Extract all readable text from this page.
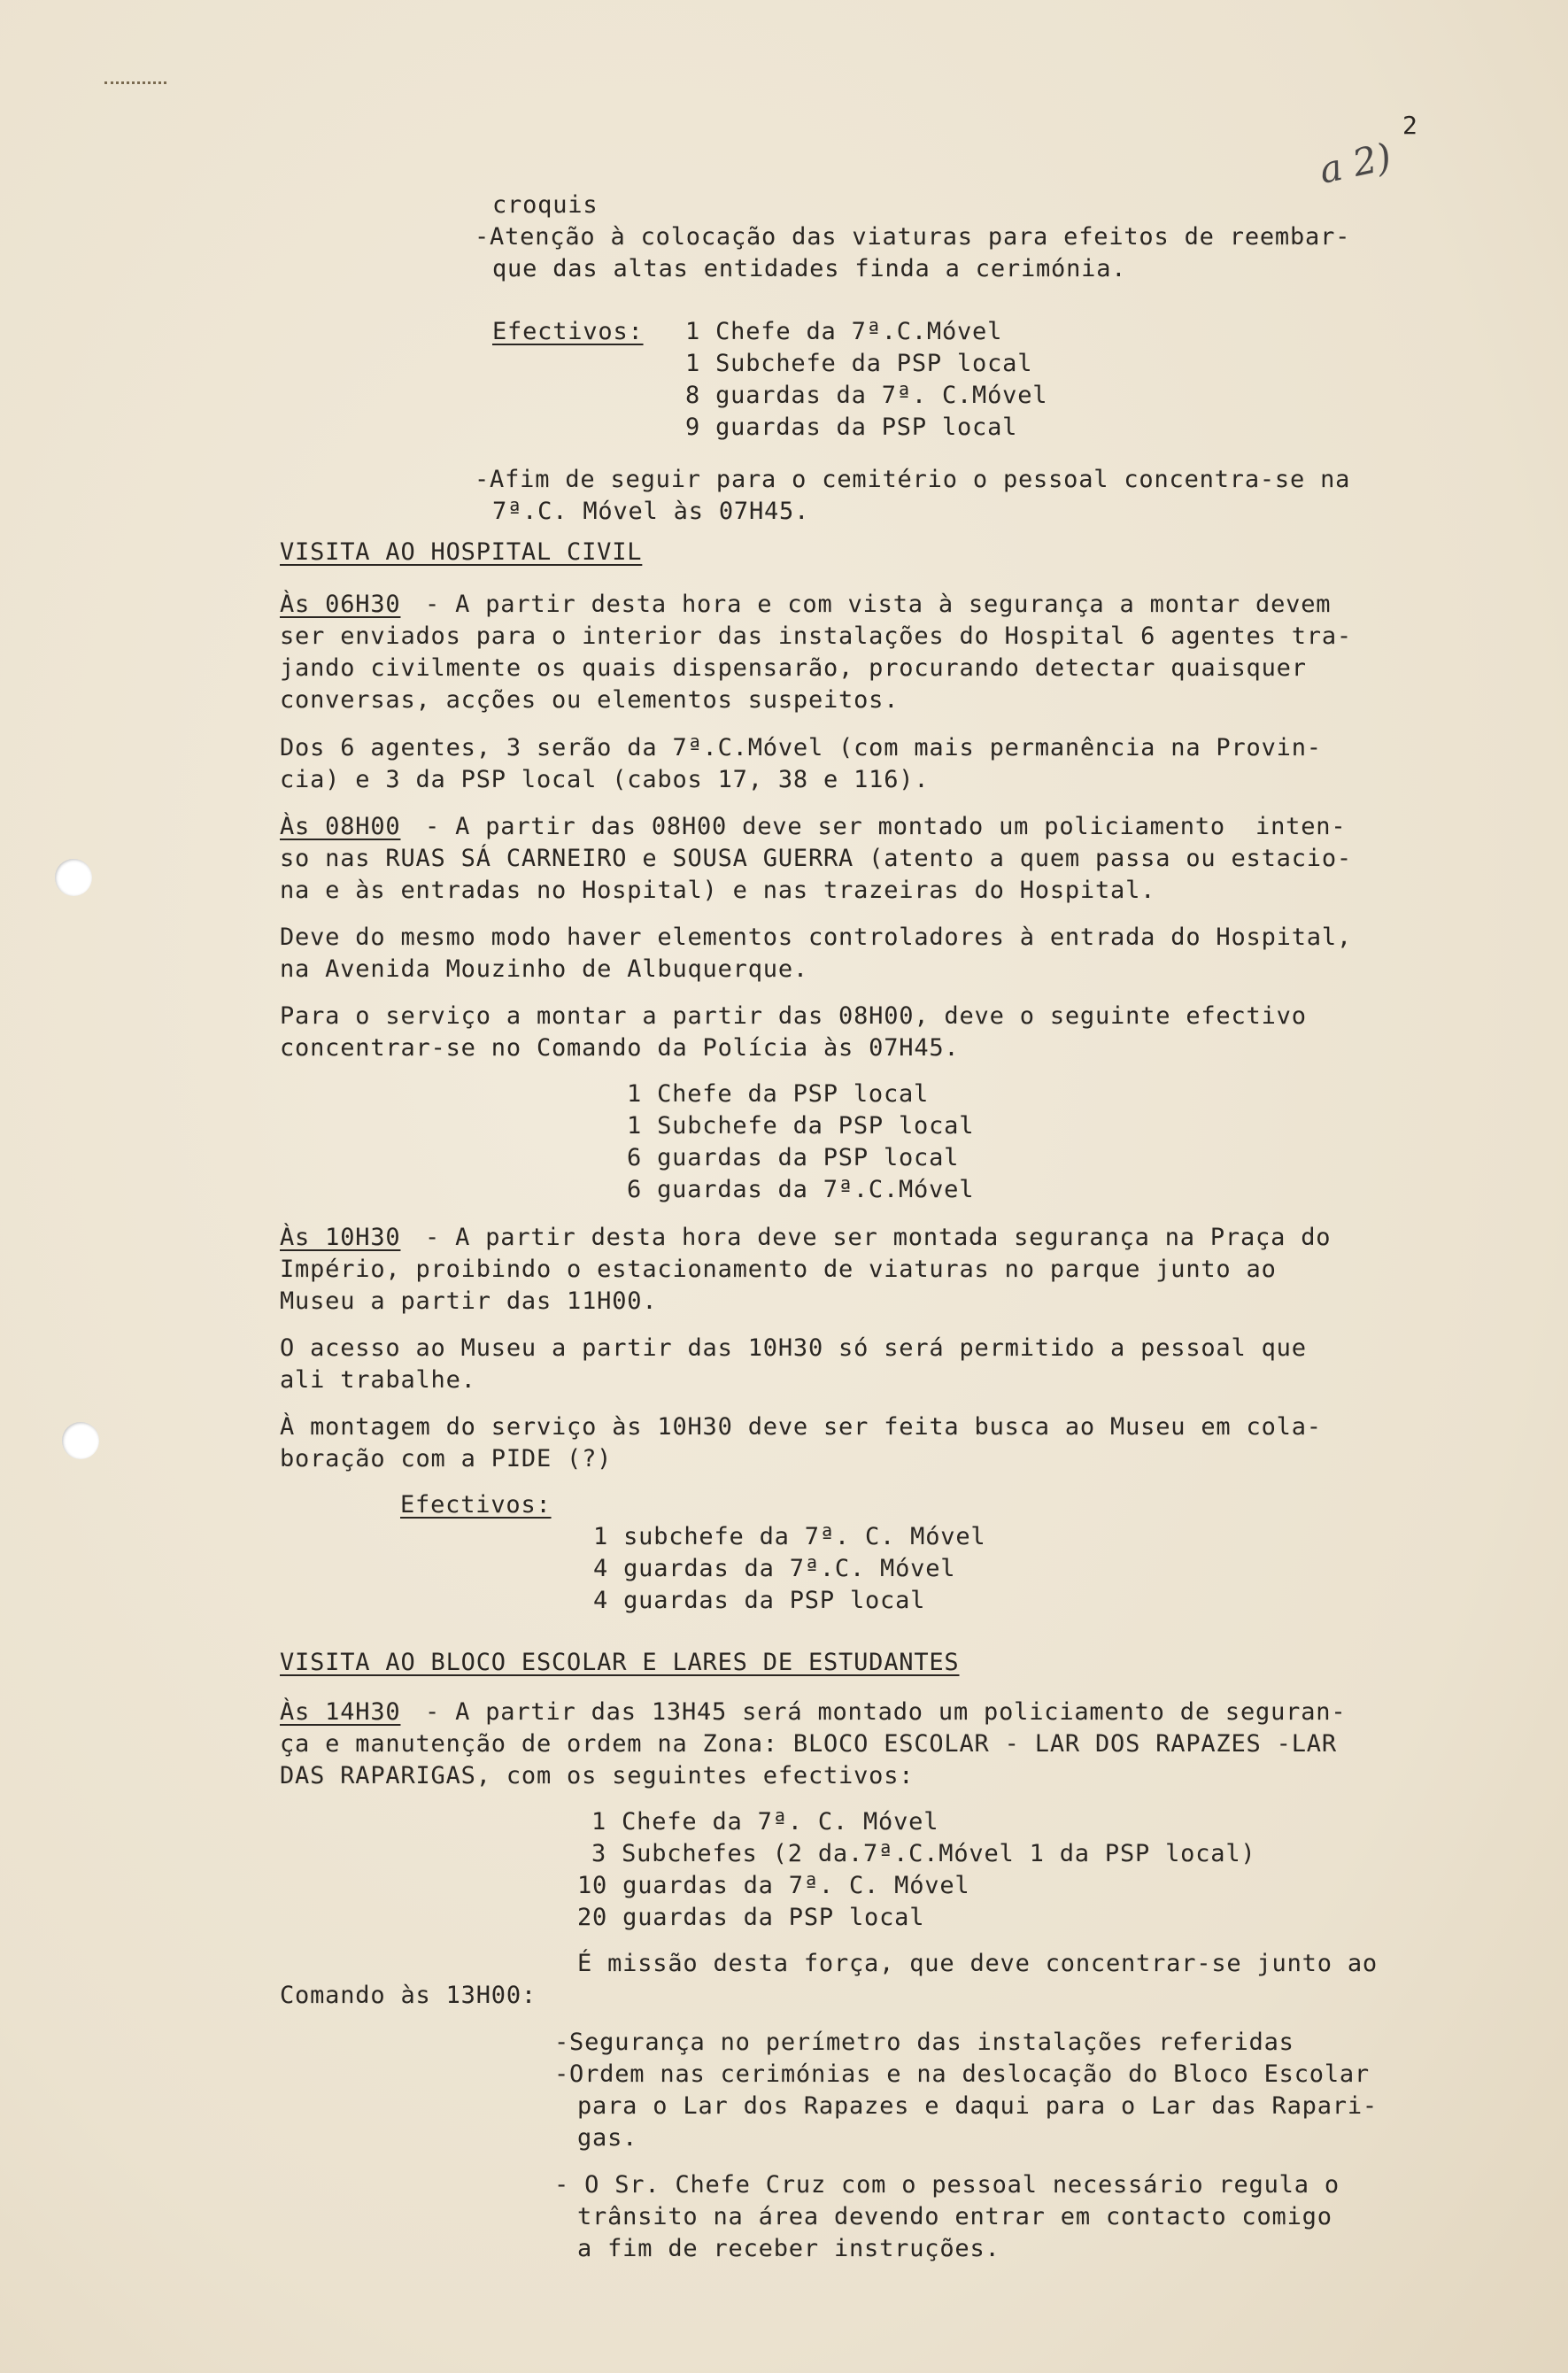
2
a 2)
croquis
-Atenção à colocação das viaturas para efeitos de reembar-
que das altas entidades finda a cerimónia.
Efectivos: 1 Chefe da 7ª.C.Móvel
1 Subchefe da PSP local
8 guardas da 7ª. C.Móvel
9 guardas da PSP local
-Afim de seguir para o cemitério o pessoal concentra-se na
7ª.C. Móvel às 07H45.
VISITA AO HOSPITAL CIVIL
Às 06H30 - A partir desta hora e com vista à segurança a montar devem
ser enviados para o interior das instalações do Hospital 6 agentes tra-
jando civilmente os quais dispensarão, procurando detectar quaisquer
conversas, acções ou elementos suspeitos.
Dos 6 agentes, 3 serão da 7ª.C.Móvel (com mais permanência na Provin-
cia) e 3 da PSP local (cabos 17, 38 e 116).
Às 08H00 - A partir das 08H00 deve ser montado um policiamento  inten-
so nas RUAS SÁ CARNEIRO e SOUSA GUERRA (atento a quem passa ou estacio-
na e às entradas no Hospital) e nas trazeiras do Hospital.
Deve do mesmo modo haver elementos controladores à entrada do Hospital,
na Avenida Mouzinho de Albuquerque.
Para o serviço a montar a partir das 08H00, deve o seguinte efectivo
concentrar-se no Comando da Polícia às 07H45.
1 Chefe da PSP local
1 Subchefe da PSP local
6 guardas da PSP local
6 guardas da 7ª.C.Móvel
Às 10H30 - A partir desta hora deve ser montada segurança na Praça do
Império, proibindo o estacionamento de viaturas no parque junto ao
Museu a partir das 11H00.
O acesso ao Museu a partir das 10H30 só será permitido a pessoal que
ali trabalhe.
À montagem do serviço às 10H30 deve ser feita busca ao Museu em cola-
boração com a PIDE (?)
Efectivos:
1 subchefe da 7ª. C. Móvel
4 guardas da 7ª.C. Móvel
4 guardas da PSP local
VISITA AO BLOCO ESCOLAR E LARES DE ESTUDANTES
Às 14H30 - A partir das 13H45 será montado um policiamento de seguran-
ça e manutenção de ordem na Zona: BLOCO ESCOLAR - LAR DOS RAPAZES -LAR
DAS RAPARIGAS, com os seguintes efectivos:
1 Chefe da 7ª. C. Móvel
3 Subchefes (2 da.7ª.C.Móvel 1 da PSP local)
10 guardas da 7ª. C. Móvel
20 guardas da PSP local
É missão desta força, que deve concentrar-se junto ao
Comando às 13H00:
-Segurança no perímetro das instalações referidas
-Ordem nas cerimónias e na deslocação do Bloco Escolar
para o Lar dos Rapazes e daqui para o Lar das Rapari-
gas.
- O Sr. Chefe Cruz com o pessoal necessário regula o
trânsito na área devendo entrar em contacto comigo
a fim de receber instruções.
